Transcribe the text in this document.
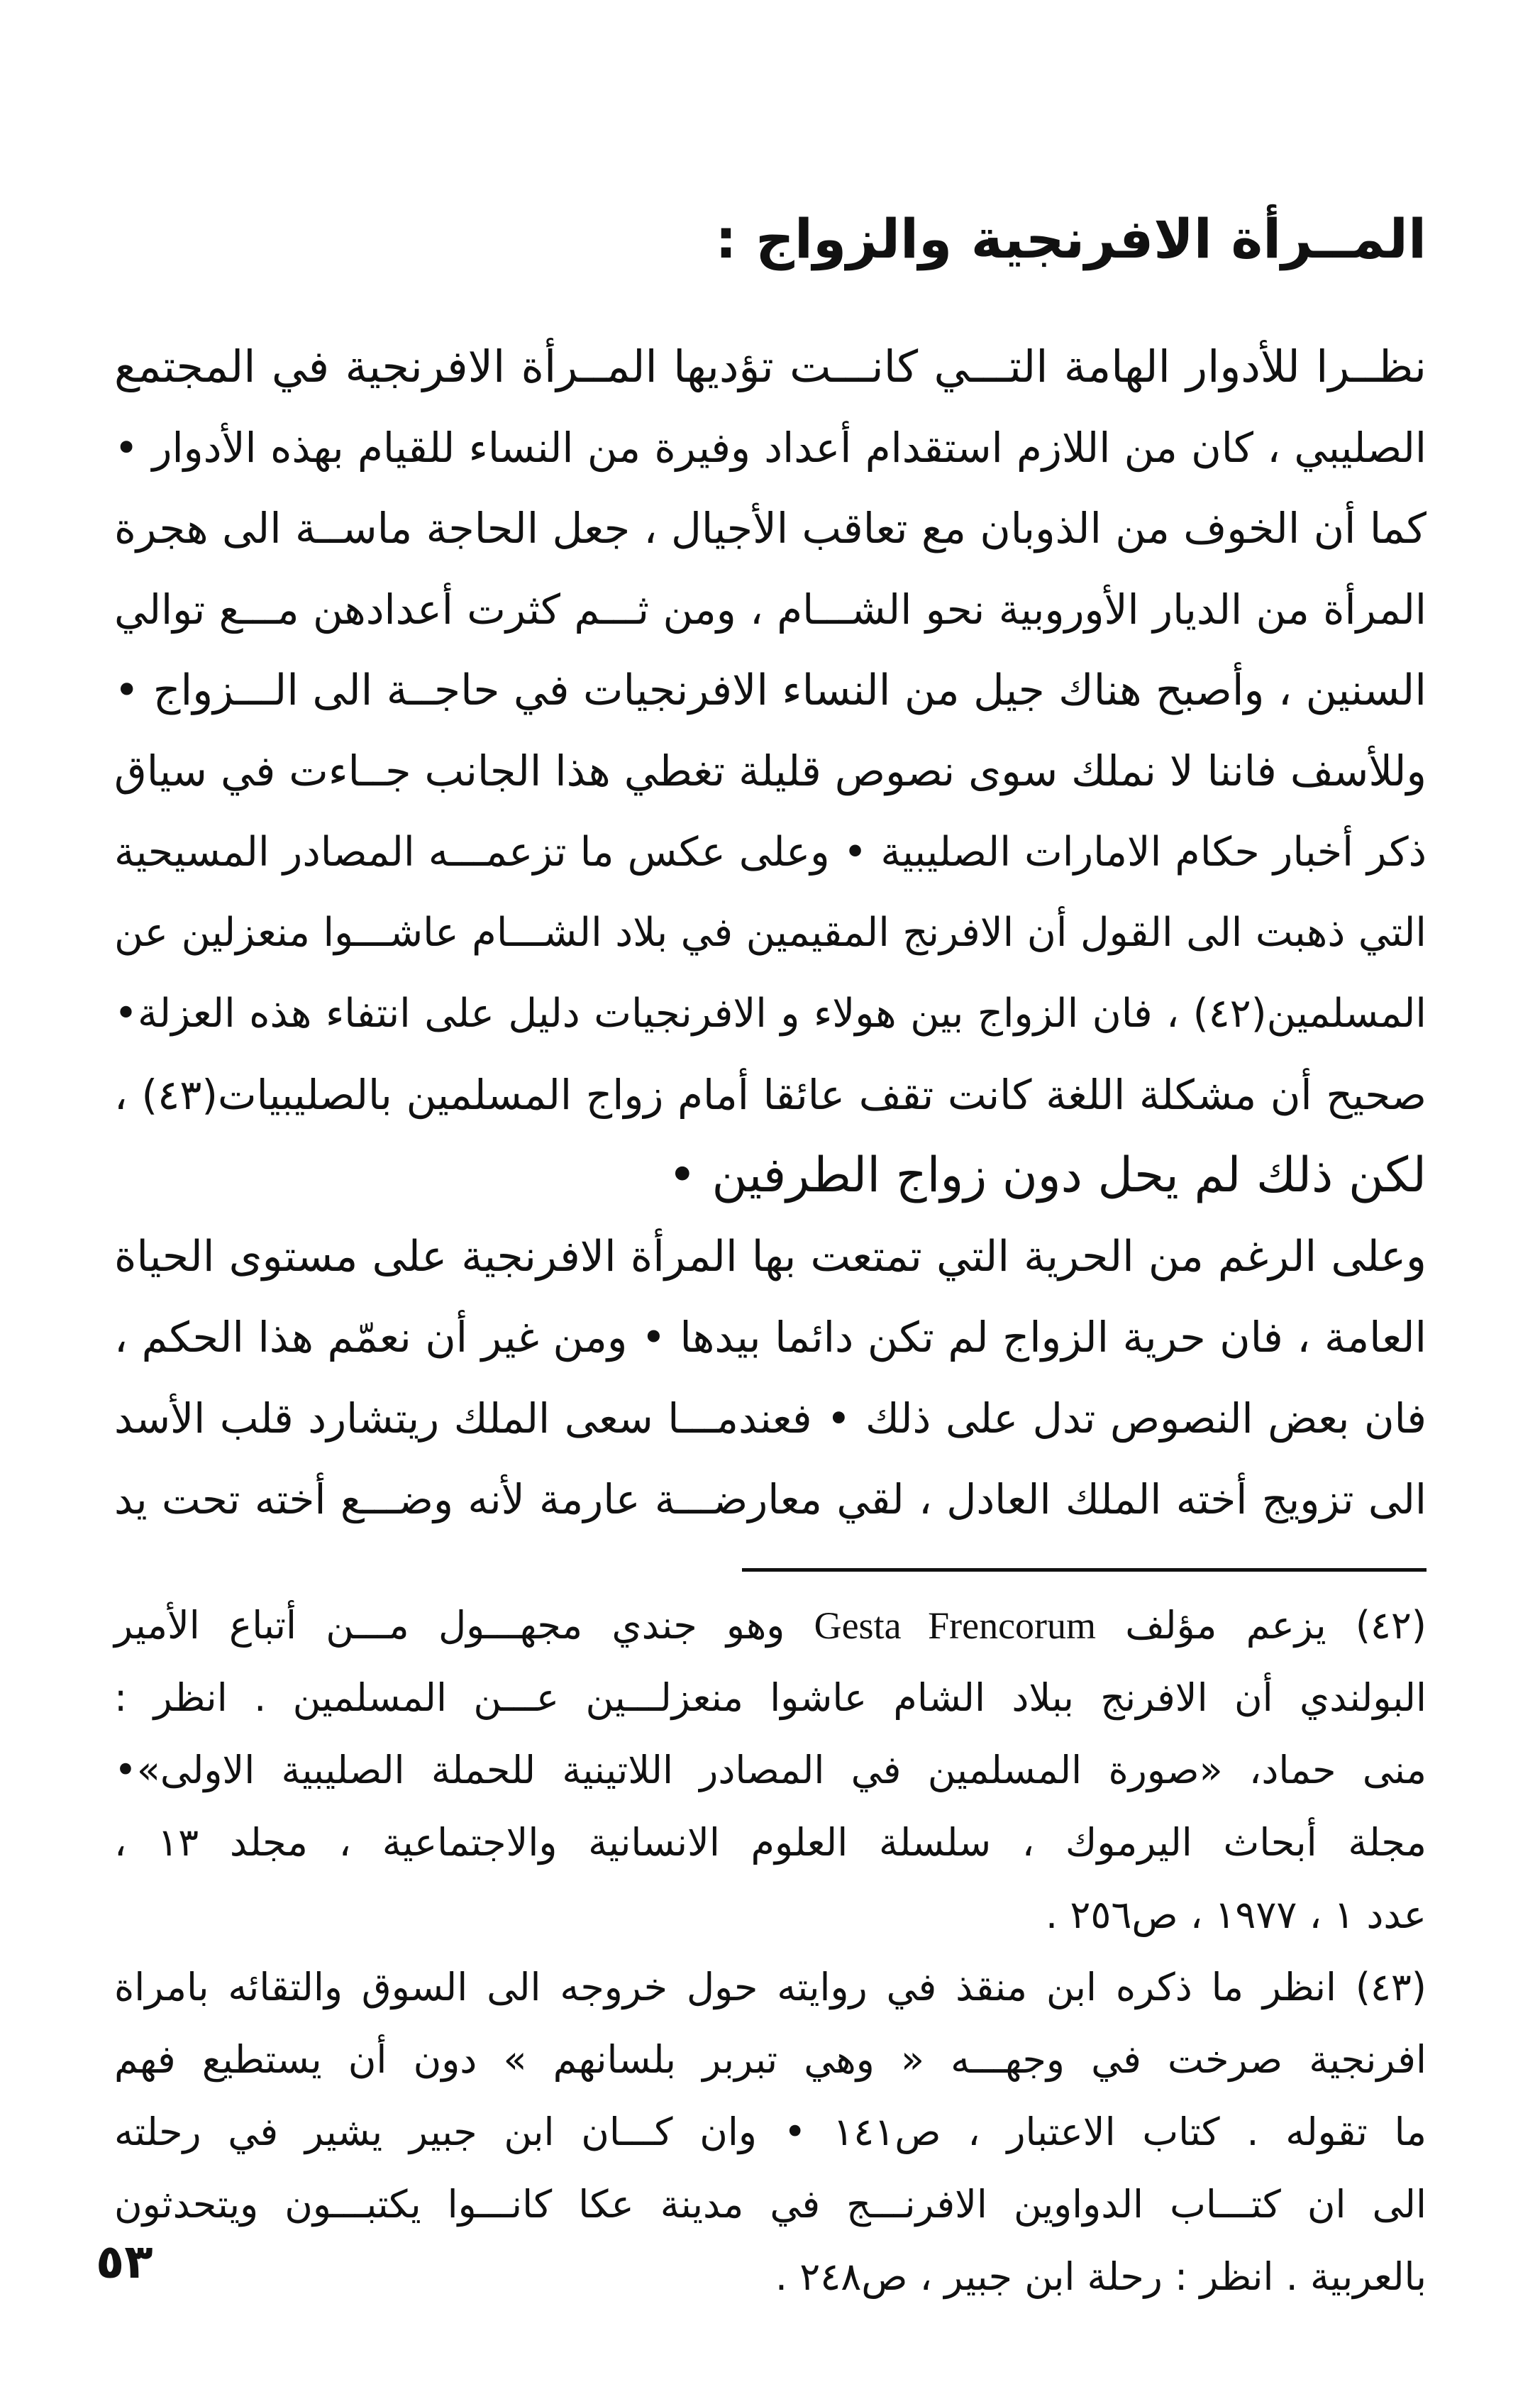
المــرأة الافرنجية والزواج :
نظــرا للأدوار الهامة التـــي كانـــت تؤديها المــرأة الافرنجية في المجتمع
الصليبي ، كان من اللازم استقدام أعداد وفيرة من النساء للقيام بهذه الأدوار •
كما أن الخوف من الذوبان مع تعاقب الأجيال ، جعل الحاجة ماســة الى هجرة
المرأة من الديار الأوروبية نحو الشـــام ، ومن ثـــم كثرت أعدادهن مـــع توالي
السنين ، وأصبح هناك جيل من النساء الافرنجيات في حاجــة الى الـــزواج •
وللأسف فاننا لا نملك سوى نصوص قليلة تغطي هذا الجانب جــاءت في سياق
ذكر أخبار حكام الامارات الصليبية • وعلى عكس ما تزعمـــه المصادر المسيحية
التي ذهبت الى القول أن الافرنج المقيمين في بلاد الشـــام عاشـــوا منعزلين عن
المسلمين(٤٢) ، فان الزواج بين هولاء و الافرنجيات دليل على انتفاء هذه العزلة•
صحيح أن مشكلة اللغة كانت تقف عائقا أمام زواج المسلمين بالصليبيات(٤٣) ،
لكن ذلك لم يحل دون زواج الطرفين •
وعلى الرغم من الحرية التي تمتعت بها المرأة الافرنجية على مستوى الحياة
العامة ، فان حرية الزواج لم تكن دائما بيدها • ومن غير أن نعمّم هذا الحكم ،
فان بعض النصوص تدل على ذلك • فعندمـــا سعى الملك ريتشارد قلب الأسد
الى تزويج أخته الملك العادل ، لقي معارضـــة عارمة لأنه وضـــع أخته تحت يد
(٤٢) يزعم مؤلف Gesta Frencorum وهو جندي مجهـــول مـــن أتباع الأمير
البولندي أن الافرنج ببلاد الشام عاشوا منعزلـــين عـــن المسلمين . انظر :
منى حماد، «صورة المسلمين في المصادر اللاتينية للحملة الصليبية الاولى»•
مجلة أبحاث اليرموك ، سلسلة العلوم الانسانية والاجتماعية ، مجلد ١٣ ،
عدد ١ ، ١٩٧٧ ، ص٢٥٦ .
(٤٣) انظر ما ذكره ابن منقذ في روايته حول خروجه الى السوق والتقائه بامراة
افرنجية صرخت في وجهـــه « وهي تبربر بلسانهم » دون أن يستطيع فهم
ما تقوله . كتاب الاعتبار ، ص١٤١ • وان كـــان ابن جبير يشير في رحلته
الى ان كتـــاب الدواوين الافرنـــج في مدينة عكا كانـــوا يكتبـــون ويتحدثون
بالعربية . انظر : رحلة ابن جبير ، ص٢٤٨ .
٥٣
